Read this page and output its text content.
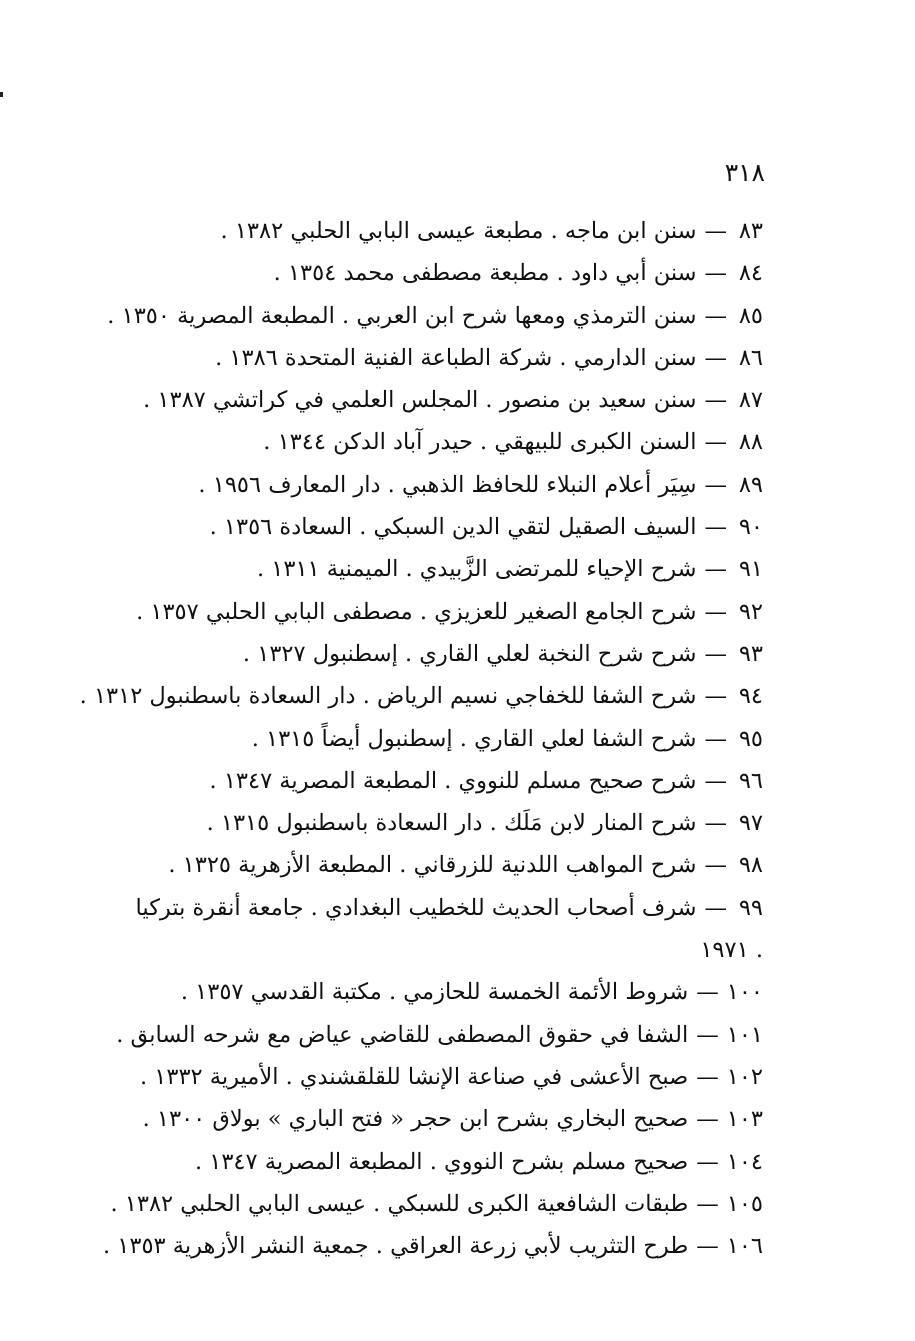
٣١٨
٨٣—سنن ابن ماجه . مطبعة عيسى البابي الحلبي ١٣٨٢ .
٨٤—سنن أبي داود . مطبعة مصطفى محمد ١٣٥٤ .
٨٥—سنن الترمذي ومعها شرح ابن العربي . المطبعة المصرية ١٣٥٠ .
٨٦—سنن الدارمي . شركة الطباعة الفنية المتحدة ١٣٨٦ .
٨٧—سنن سعيد بن منصور . المجلس العلمي في كراتشي ١٣٨٧ .
٨٨—السنن الكبرى للبيهقي . حيدر آباد الدكن ١٣٤٤ .
٨٩—سِيَر أعلام النبلاء للحافظ الذهبي . دار المعارف ١٩٥٦ .
٩٠—السيف الصقيل لتقي الدين السبكي . السعادة ١٣٥٦ .
٩١—شرح الإحياء للمرتضى الزَّبيدي . الميمنية ١٣١١ .
٩٢—شرح الجامع الصغير للعزيزي . مصطفى البابي الحلبي ١٣٥٧ .
٩٣—شرح شرح النخبة لعلي القاري . إسطنبول ١٣٢٧ .
٩٤—شرح الشفا للخفاجي نسيم الرياض . دار السعادة باسطنبول ١٣١٢ .
٩٥—شرح الشفا لعلي القاري . إسطنبول أيضاً ١٣١٥ .
٩٦—شرح صحيح مسلم للنووي . المطبعة المصرية ١٣٤٧ .
٩٧—شرح المنار لابن مَلَك . دار السعادة باسطنبول ١٣١٥ .
٩٨—شرح المواهب اللدنية للزرقاني . المطبعة الأزهرية ١٣٢٥ .
٩٩—شرف أصحاب الحديث للخطيب البغدادي . جامعة أنقرة بتركيا
. ١٩٧١
١٠٠—شروط الأئمة الخمسة للحازمي . مكتبة القدسي ١٣٥٧ .
١٠١—الشفا في حقوق المصطفى للقاضي عياض مع شرحه السابق .
١٠٢—صبح الأعشى في صناعة الإنشا للقلقشندي . الأميرية ١٣٣٢ .
١٠٣—صحيح البخاري بشرح ابن حجر « فتح الباري » بولاق ١٣٠٠ .
١٠٤—صحيح مسلم بشرح النووي . المطبعة المصرية ١٣٤٧ .
١٠٥—طبقات الشافعية الكبرى للسبكي . عيسى البابي الحلبي ١٣٨٢ .
١٠٦—طرح التثريب لأبي زرعة العراقي . جمعية النشر الأزهرية ١٣٥٣ .
